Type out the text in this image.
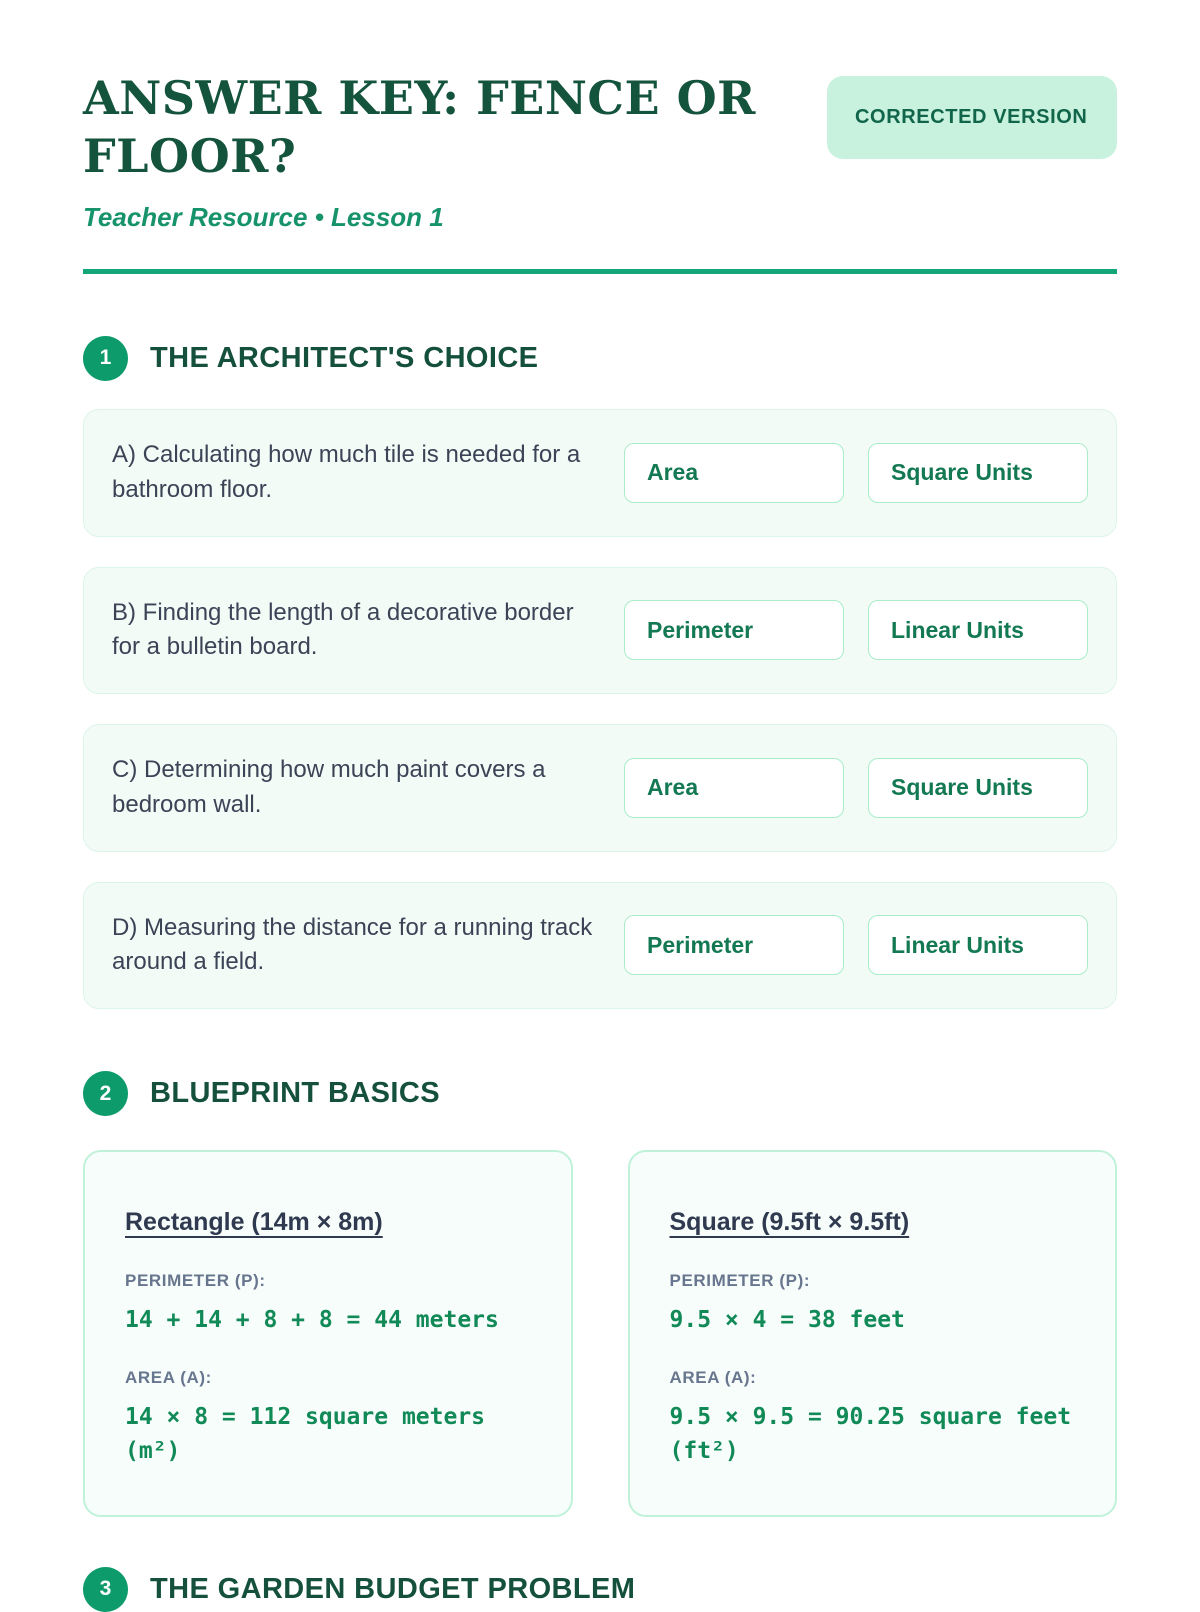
ANSWER KEY: FENCE OR FLOOR?
CORRECTED VERSION
Teacher Resource • Lesson 1
1	THE ARCHITECT'S CHOICE
A) Calculating how much tile is needed for a bathroom floor.
Area	Square Units
B) Finding the length of a decorative border for a bulletin board.
Perimeter	Linear Units
C) Determining how much paint covers a bedroom wall.
Area	Square Units
D) Measuring the distance for a running track around a field.
Perimeter	Linear Units
2	BLUEPRINT BASICS
Rectangle (14m × 8m)
PERIMETER (P):
14 + 14 + 8 + 8 = 44 meters
AREA (A):
14 × 8 = 112 square meters (m²)
Square (9.5ft × 9.5ft)
PERIMETER (P):
9.5 × 4 = 38 feet
AREA (A):
9.5 × 9.5 = 90.25 square feet (ft²)
3	THE GARDEN BUDGET PROBLEM
